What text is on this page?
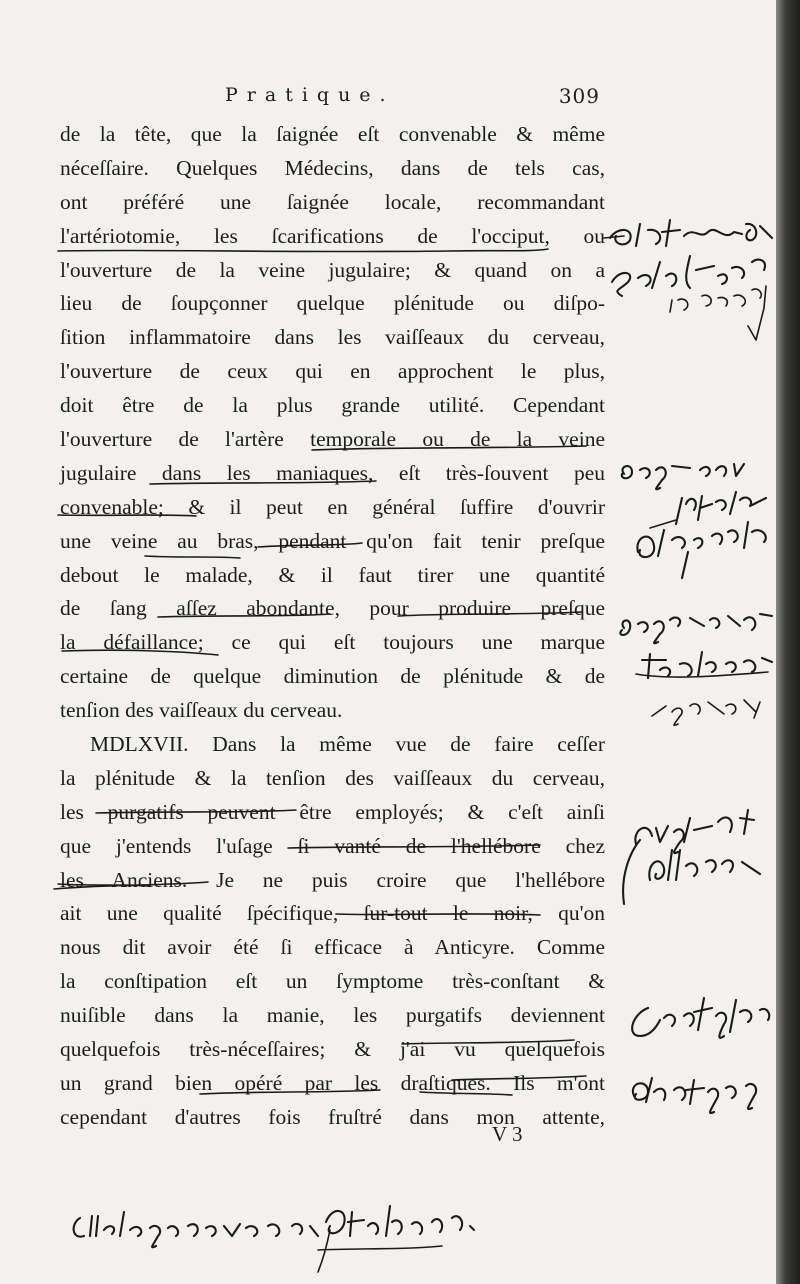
Pratique.	309
de la tête, que la ſaignée eſt convenable & même
néceſſaire. Quelques Médecins, dans de tels cas,
ont préféré une ſaignée locale, recommandant
l'artériotomie, les ſcarifications de l'occiput, ou
l'ouverture de la veine jugulaire; & quand on a
lieu de ſoupçonner quelque plénitude ou diſpo-
ſition inflammatoire dans les vaiſſeaux du cerveau,
l'ouverture de ceux qui en approchent le plus,
doit être de la plus grande utilité. Cependant
l'ouverture de l'artère temporale ou de la veine
jugulaire dans les maniaques, eſt très-ſouvent peu
convenable; & il peut en général ſuffire d'ouvrir
une veine au bras, pendant qu'on fait tenir preſque
debout le malade, & il faut tirer une quantité
de ſang aſſez abondante, pour produire preſque
la défaillance; ce qui eſt toujours une marque
certaine de quelque diminution de plénitude & de
tenſion des vaiſſeaux du cerveau.
MDLXVII. Dans la même vue de faire ceſſer
la plénitude & la tenſion des vaiſſeaux du cerveau,
les purgatifs peuvent être employés; & c'eſt ainſi
que j'entends l'uſage ſi vanté de l'hellébore chez
les Anciens. Je ne puis croire que l'hellébore
ait une qualité ſpécifique, ſur-tout le noir, qu'on
nous dit avoir été ſi efficace à Anticyre. Comme
la conſtipation eſt un ſymptome très-conſtant &
nuiſible dans la manie, les purgatifs deviennent
quelquefois très-néceſſaires; & j'ai vu quelquefois
un grand bien opéré par les draſtiques. Ils m'ont
cependant d'autres fois fruſtré dans mon attente,
V 3
